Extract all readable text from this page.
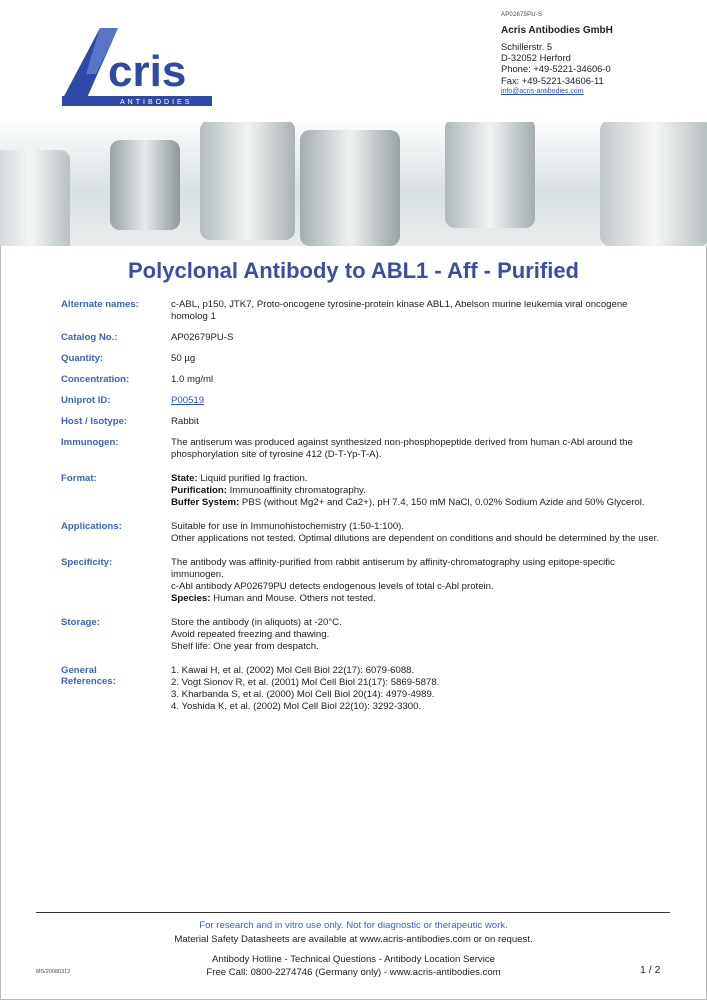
cris
ANTIBODIES
AP02679PU-S
Acris Antibodies GmbH
Schillerstr. 5
D-32052 Herford
Phone: +49-5221-34606-0
Fax: +49-5221-34606-11
info@acris-antibodies.com
Polyclonal Antibody to ABL1 - Aff - Purified
Alternate names:	c-ABL, p150, JTK7, Proto-oncogene tyrosine-protein kinase ABL1, Abelson murine leukemia viral oncogene homolog 1
Catalog No.:	AP02679PU-S
Quantity:	50 µg
Concentration:	1.0 mg/ml
Uniprot ID:	P00519
Host / Isotype:	Rabbit
Immunogen:	The antiserum was produced against synthesized non-phosphopeptide derived from human c-Abl around the phosphorylation site of tyrosine 412 (D-T-Yp-T-A).
Format:	State: Liquid purified Ig fraction.
Purification: Immunoaffinity chromatography.
Buffer System: PBS (without Mg2+ and Ca2+), pH 7.4, 150 mM NaCl, 0.02% Sodium Azide and 50% Glycerol.
Applications:	Suitable for use in Immunohistochemistry (1:50-1:100).
Other applications not tested. Optimal dilutions are dependent on conditions and should be determined by the user.
Specificity:	The antibody was affinity-purified from rabbit antiserum by affinity-chromatography using epitope-specific immunogen.
c-Abl antibody AP02679PU detects endogenous levels of total c-Abl protein.
Species: Human and Mouse. Others not tested.
Storage:	Store the antibody (in aliquots) at -20°C.
Avoid repeated freezing and thawing.
Shelf life: One year from despatch.
General
References:
1. Kawai H, et al. (2002) Mol Cell Biol 22(17): 6079-6088.
2. Vogt Sionov R, et al. (2001) Mol Cell Biol 21(17): 5869-5878.
3. Kharbanda S, et al. (2000) Mol Cell Biol 20(14): 4979-4989.
4. Yoshida K, et al. (2002) Mol Cell Biol 22(10): 3292-3300.
For research and in vitro use only. Not for diagnostic or therapeutic work.
Material Safety Datasheets are available at www.acris-antibodies.com or on request.
Antibody Hotline - Technical Questions - Antibody Location Service
Free Call: 0800-2274746 (Germany only) - www.acris-antibodies.com
MS/20080312	1 / 2
